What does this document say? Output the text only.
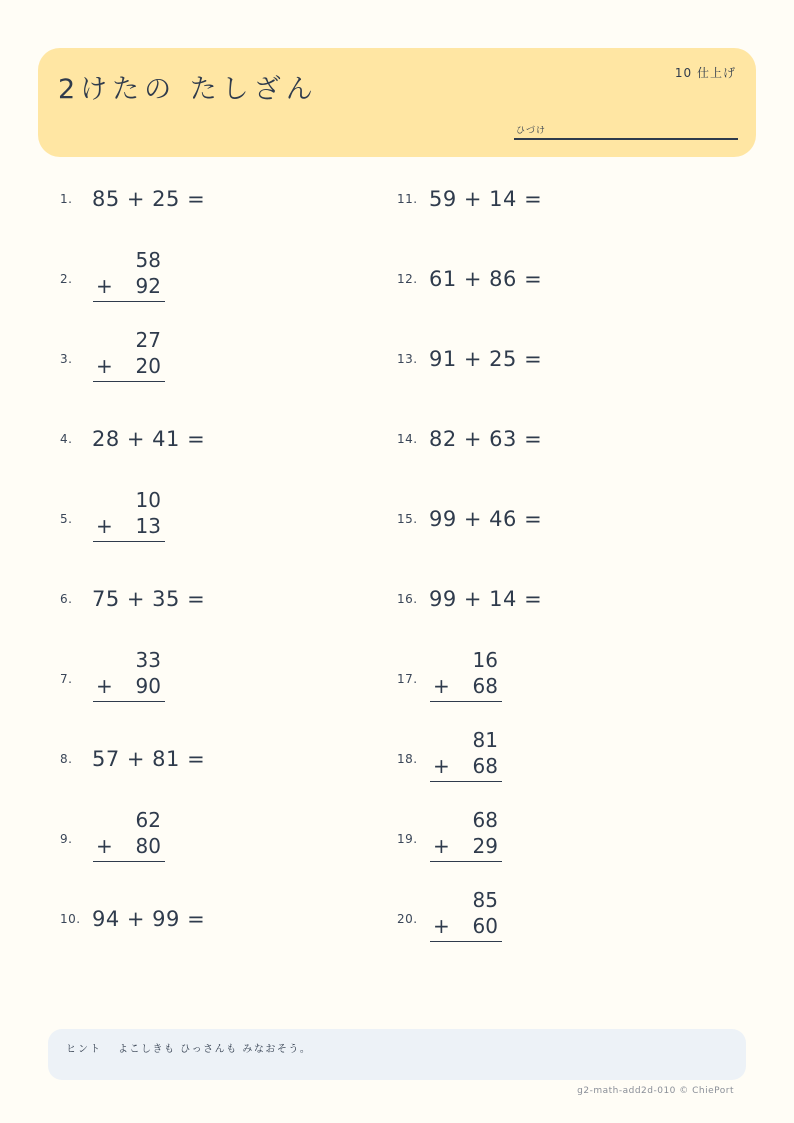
2けたの たしざん
10 仕上げ
ひづけ
1. 85 + 25 =
2.
58
+ 92
3.
27
+ 20
4. 28 + 41 =
5.
10
+ 13
6. 75 + 35 =
7.
33
+ 90
8. 57 + 81 =
9.
62
+ 80
10. 94 + 99 =
11. 59 + 14 =
12. 61 + 86 =
13. 91 + 25 =
14. 82 + 63 =
15. 99 + 46 =
16. 99 + 14 =
17.
16
+ 68
18.
81
+ 68
19.
68
+ 29
20.
85
+ 60
ヒント よこしきも ひっさんも みなおそう。
g2-math-add2d-010 © ChiePort
